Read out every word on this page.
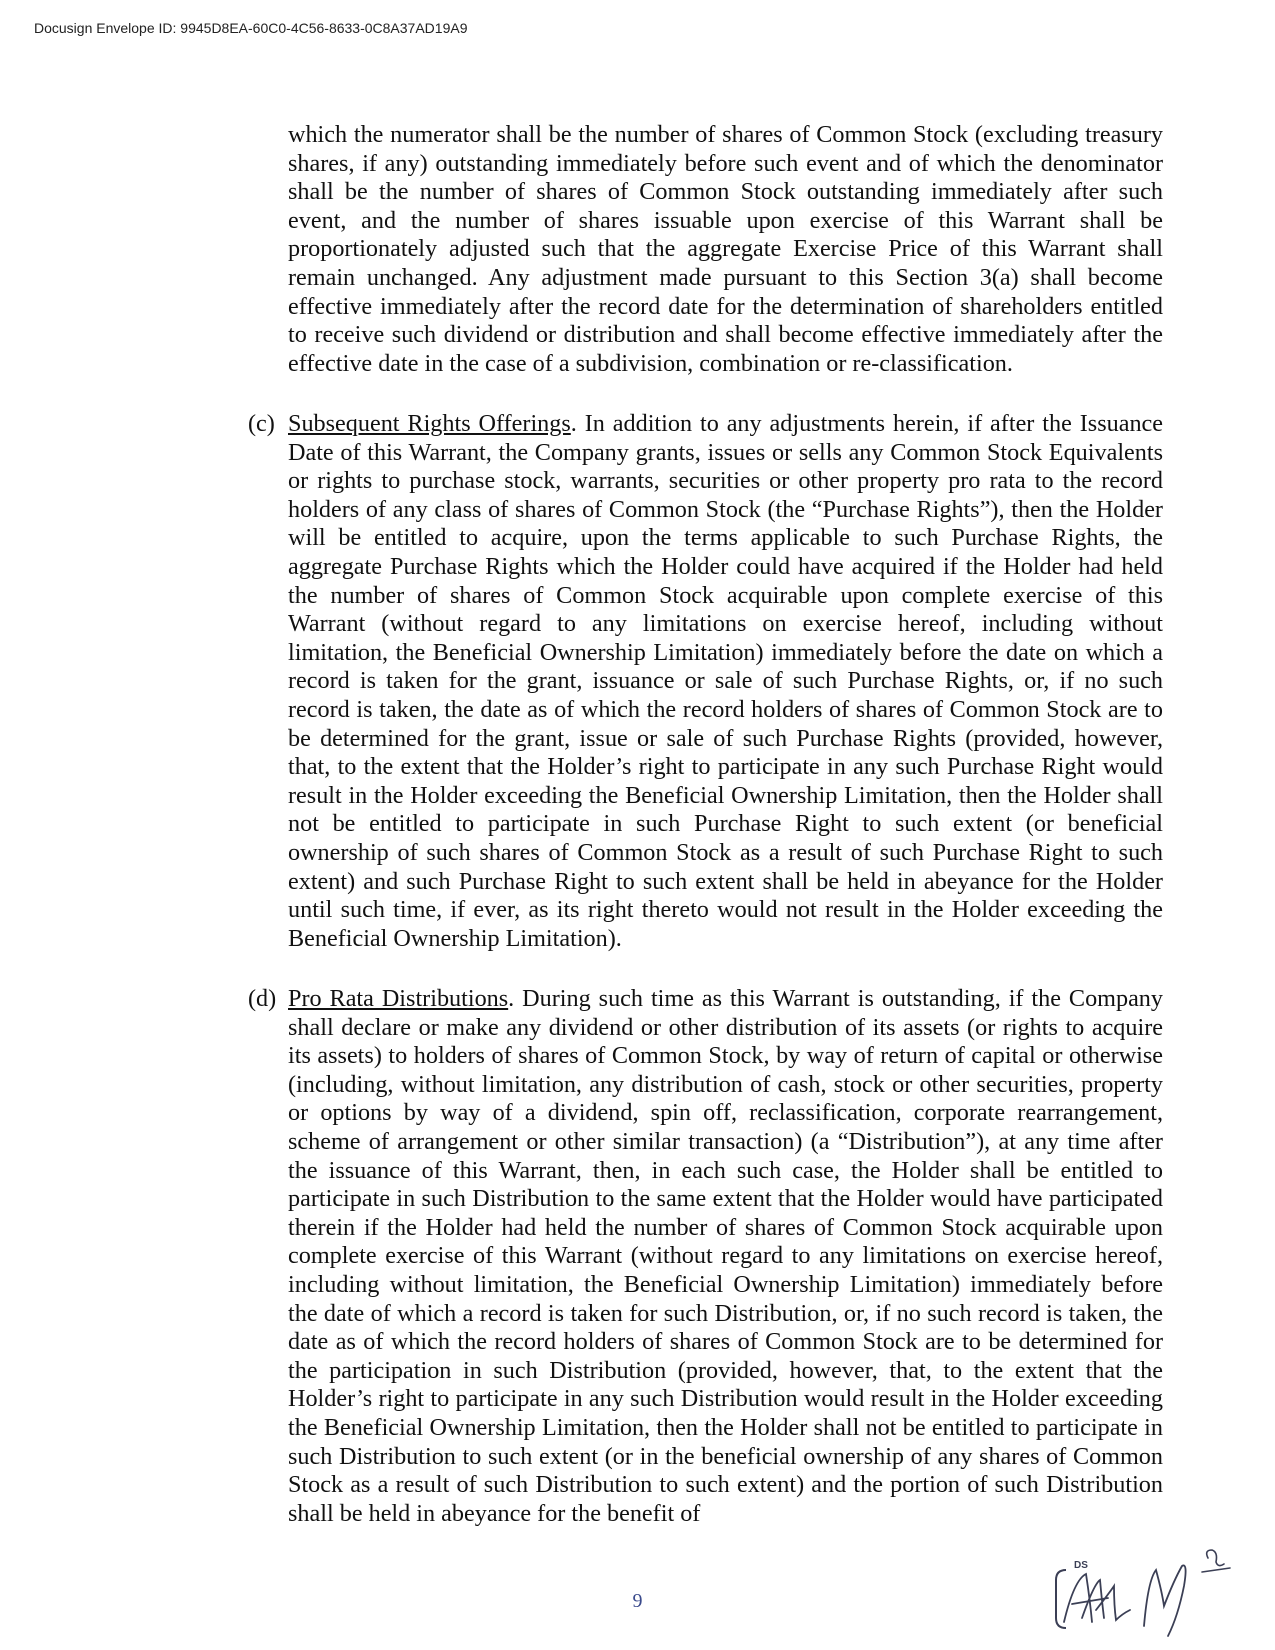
Docusign Envelope ID: 9945D8EA-60C0-4C56-8633-0C8A37AD19A9

which the numerator shall be the number of shares of Common Stock (excluding treasury shares, if any) outstanding immediately before such event and of which the denominator shall be the number of shares of Common Stock outstanding immediately after such event, and the number of shares issuable upon exercise of this Warrant shall be proportionately adjusted such that the aggregate Exercise Price of this Warrant shall remain unchanged. Any adjustment made pursuant to this Section 3(a) shall become effective immediately after the record date for the determination of shareholders entitled to receive such dividend or distribution and shall become effective immediately after the effective date in the case of a subdivision, combination or re-classification.

(c) Subsequent Rights Offerings. In addition to any adjustments herein, if after the Issuance Date of this Warrant, the Company grants, issues or sells any Common Stock Equivalents or rights to purchase stock, warrants, securities or other property pro rata to the record holders of any class of shares of Common Stock (the “Purchase Rights”), then the Holder will be entitled to acquire, upon the terms applicable to such Purchase Rights, the aggregate Purchase Rights which the Holder could have acquired if the Holder had held the number of shares of Common Stock acquirable upon complete exercise of this Warrant (without regard to any limitations on exercise hereof, including without limitation, the Beneficial Ownership Limitation) immediately before the date on which a record is taken for the grant, issuance or sale of such Purchase Rights, or, if no such record is taken, the date as of which the record holders of shares of Common Stock are to be determined for the grant, issue or sale of such Purchase Rights (provided, however, that, to the extent that the Holder’s right to participate in any such Purchase Right would result in the Holder exceeding the Beneficial Ownership Limitation, then the Holder shall not be entitled to participate in such Purchase Right to such extent (or beneficial ownership of such shares of Common Stock as a result of such Purchase Right to such extent) and such Purchase Right to such extent shall be held in abeyance for the Holder until such time, if ever, as its right thereto would not result in the Holder exceeding the Beneficial Ownership Limitation).

(d) Pro Rata Distributions. During such time as this Warrant is outstanding, if the Company shall declare or make any dividend or other distribution of its assets (or rights to acquire its assets) to holders of shares of Common Stock, by way of return of capital or otherwise (including, without limitation, any distribution of cash, stock or other securities, property or options by way of a dividend, spin off, reclassification, corporate rearrangement, scheme of arrangement or other similar transaction) (a “Distribution”), at any time after the issuance of this Warrant, then, in each such case, the Holder shall be entitled to participate in such Distribution to the same extent that the Holder would have participated therein if the Holder had held the number of shares of Common Stock acquirable upon complete exercise of this Warrant (without regard to any limitations on exercise hereof, including without limitation, the Beneficial Ownership Limitation) immediately before the date of which a record is taken for such Distribution, or, if no such record is taken, the date as of which the record holders of shares of Common Stock are to be determined for the participation in such Distribution (provided, however, that, to the extent that the Holder’s right to participate in any such Distribution would result in the Holder exceeding the Beneficial Ownership Limitation, then the Holder shall not be entitled to participate in such Distribution to such extent (or in the beneficial ownership of any shares of Common Stock as a result of such Distribution to such extent) and the portion of such Distribution shall be held in abeyance for the benefit of

9
DS
